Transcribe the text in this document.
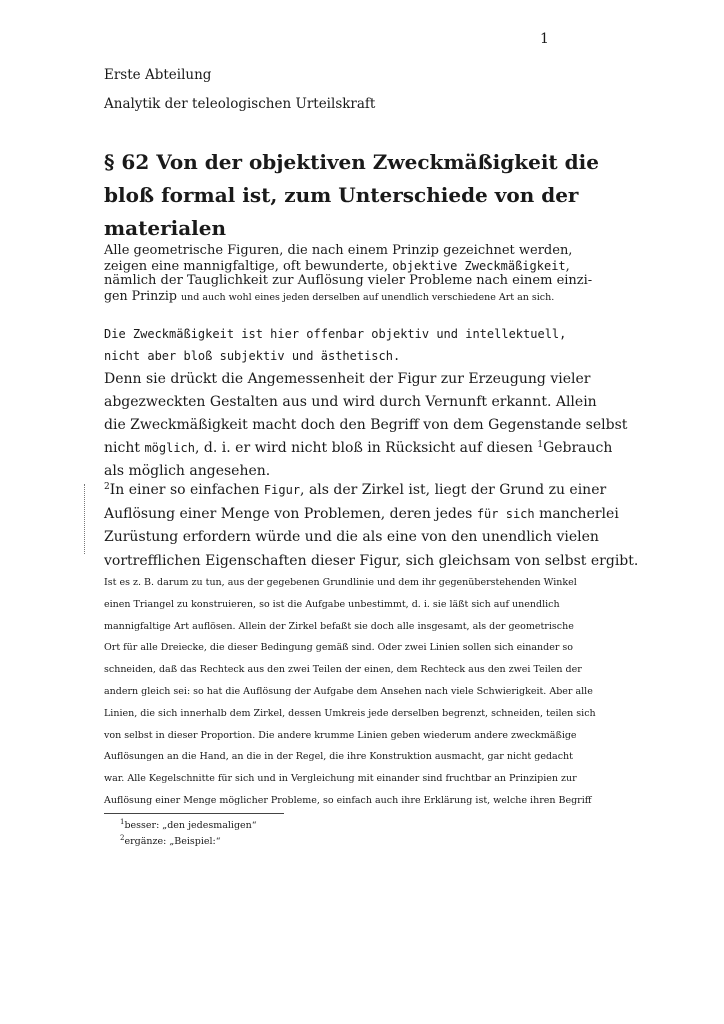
1
Erste Abteilung
Analytik der teleologischen Urteilskraft
§ 62 Von der objektiven Zweckmäßigkeit die
bloß formal ist, zum Unterschiede von der
materialen
Alle geometrische Figuren, die nach einem Prinzip gezeichnet werden,
zeigen eine mannigfaltige, oft bewunderte, objektive Zweckmäßigkeit,
nämlich der Tauglichkeit zur Auflösung vieler Probleme nach einem einzi-
gen Prinzip und auch wohl eines jeden derselben auf unendlich verschiedene Art an sich.
Die Zweckmäßigkeit ist hier offenbar objektiv und intellektuell,
nicht aber bloß subjektiv und ästhetisch.
Denn sie drückt die Angemessenheit der Figur zur Erzeugung vieler
abgezweckten Gestalten aus und wird durch Vernunft erkannt. Allein
die Zweckmäßigkeit macht doch den Begriff von dem Gegenstande selbst
nicht möglich, d. i. er wird nicht bloß in Rücksicht auf diesen $^1$Gebrauch
als möglich angesehen.
$^2$In einer so einfachen Figur, als der Zirkel ist, liegt der Grund zu einer
Auflösung einer Menge von Problemen, deren jedes für sich mancherlei
Zurüstung erfordern würde und die als eine von den unendlich vielen
vortrefflichen Eigenschaften dieser Figur, sich gleichsam von selbst ergibt.
Ist es z. B. darum zu tun, aus der gegebenen Grundlinie und dem ihr gegenüberstehenden Winkel
einen Triangel zu konstruieren, so ist die Aufgabe unbestimmt, d. i. sie läßt sich auf unendlich
mannigfaltige Art auflösen. Allein der Zirkel befaßt sie doch alle insgesamt, als der geometrische
Ort für alle Dreiecke, die dieser Bedingung gemäß sind. Oder zwei Linien sollen sich einander so
schneiden, daß das Rechteck aus den zwei Teilen der einen, dem Rechteck aus den zwei Teilen der
andern gleich sei: so hat die Auflösung der Aufgabe dem Ansehen nach viele Schwierigkeit. Aber alle
Linien, die sich innerhalb dem Zirkel, dessen Umkreis jede derselben begrenzt, schneiden, teilen sich
von selbst in dieser Proportion. Die andere krumme Linien geben wiederum andere zweckmäßige
Auflösungen an die Hand, an die in der Regel, die ihre Konstruktion ausmacht, gar nicht gedacht
war. Alle Kegelschnitte für sich und in Vergleichung mit einander sind fruchtbar an Prinzipien zur
Auflösung einer Menge möglicher Probleme, so einfach auch ihre Erklärung ist, welche ihren Begriff
$^1$besser: „den jedesmaligen“
$^2$ergänze: „Beispiel:“
